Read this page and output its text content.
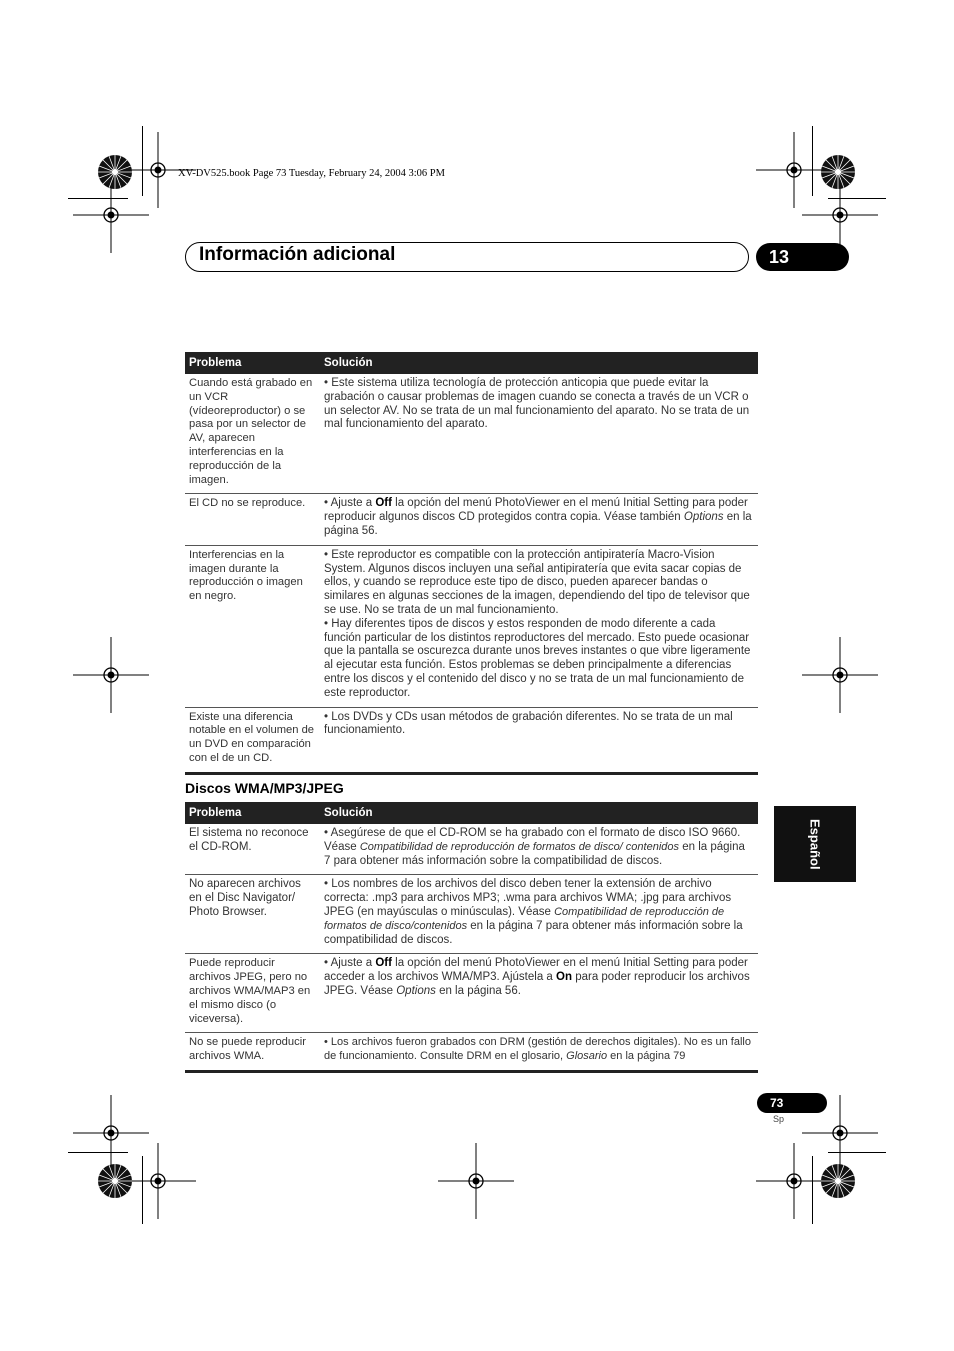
XV-DV525.book Page 73 Tuesday, February 24, 2004 3:06 PM
Información adicional	13
Problema	Solución
Cuando está grabado en un VCR (vídeoreproductor) o se pasa por un selector de AV, aparecen interferencias en la reproducción de la imagen.	• Este sistema utiliza tecnología de protección anticopia que puede evitar la grabación o causar problemas de imagen cuando se conecta a través de un VCR o un selector AV. No se trata de un mal funcionamiento del aparato. No se trata de un mal funcionamiento del aparato.
El CD no se reproduce.	• Ajuste a Off la opción del menú PhotoViewer en el menú Initial Setting para poder reproducir algunos discos CD protegidos contra copia. Véase también Options en la página 56.
Interferencias en la imagen durante la reproducción o imagen en negro.	• Este reproductor es compatible con la protección antipiratería Macro-Vision System. Algunos discos incluyen una señal antipiratería que evita sacar copias de ellos, y cuando se reproduce este tipo de disco, pueden aparecer bandas o similares en algunas secciones de la imagen, dependiendo del tipo de televisor que se use. No se trata de un mal funcionamiento.
• Hay diferentes tipos de discos y estos responden de modo diferente a cada función particular de los distintos reproductores del mercado. Esto puede ocasionar que la pantalla se oscurezca durante unos breves instantes o que vibre ligeramente al ejecutar esta función. Estos problemas se deben principalmente a diferencias entre los discos y el contenido del disco y no se trata de un mal funcionamiento de este reproductor.

Existe una diferencia notable en el volumen de un DVD en comparación con el de un CD.	• Los DVDs y CDs usan métodos de grabación diferentes. No se trata de un mal funcionamiento.
Discos WMA/MP3/JPEG
Problema	Solución
El sistema no reconoce el CD-ROM.	• Asegúrese de que el CD-ROM se ha grabado con el formato de disco ISO 9660. Véase Compatibilidad de reproducción de formatos de disco/ contenidos en la página 7 para obtener más información sobre la compatibilidad de discos.
No aparecen archivos en el Disc Navigator/ Photo Browser.	• Los nombres de los archivos del disco deben tener la extensión de archivo correcta: .mp3 para archivos MP3; .wma para archivos WMA; .jpg para archivos JPEG (en mayúsculas o minúsculas). Véase Compatibilidad de reproducción de formatos de disco/contenidos en la página 7 para obtener más información sobre la compatibilidad de discos.
Puede reproducir archivos JPEG, pero no archivos WMA/MAP3 en el mismo disco (o viceversa).	• Ajuste a Off la opción del menú PhotoViewer en el menú Initial Setting para poder acceder a los archivos WMA/MP3. Ajústela a On para poder reproducir los archivos JPEG. Véase Options en la página 56.
No se puede reproducir archivos WMA.	• Los archivos fueron grabados con DRM (gestión de derechos digitales). No es un fallo de funcionamiento. Consulte DRM en el glosario, Glosario en la página 79
Español
73
Sp
